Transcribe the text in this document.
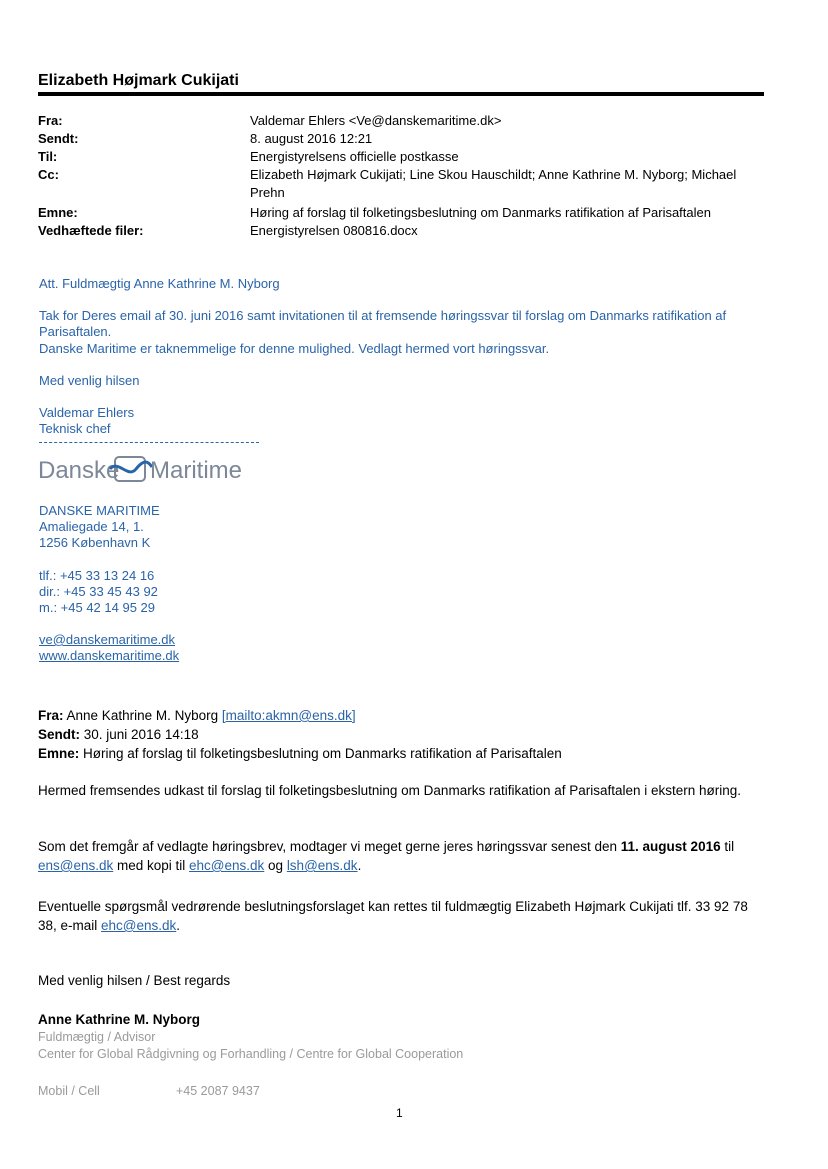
Elizabeth Højmark Cukijati
Fra:
Sendt:
Til:
Cc:
Emne:
Vedhæftede filer:
Valdemar Ehlers <Ve@danskemaritime.dk>
8. august 2016 12:21
Energistyrelsens officielle postkasse
Elizabeth Højmark Cukijati; Line Skou Hauschildt; Anne Kathrine M. Nyborg; Michael Prehn
Høring af forslag til folketingsbeslutning om Danmarks ratifikation af Parisaftalen
Energistyrelsen 080816.docx
Att. Fuldmægtig Anne Kathrine M. Nyborg
Tak for Deres email af 30. juni 2016 samt invitationen til at fremsende høringssvar til forslag om Danmarks ratifikation af Parisaftalen.
Danske Maritime er taknemmelige for denne mulighed. Vedlagt hermed vort høringssvar.
Med venlig hilsen
Valdemar Ehlers
Teknisk chef
Danske Maritime
DANSKE MARITIME
Amaliegade 14, 1.
1256 København K
tlf.: +45 33 13 24 16
dir.: +45 33 45 43 92
m.: +45 42 14 95 29
ve@danskemaritime.dk
www.danskemaritime.dk
Fra: Anne Kathrine M. Nyborg [mailto:akmn@ens.dk]
Sendt: 30. juni 2016 14:18
Emne: Høring af forslag til folketingsbeslutning om Danmarks ratifikation af Parisaftalen
Hermed fremsendes udkast til forslag til folketingsbeslutning om Danmarks ratifikation af Parisaftalen i ekstern høring.
Som det fremgår af vedlagte høringsbrev, modtager vi meget gerne jeres høringssvar senest den 11. august 2016 til
ens@ens.dk med kopi til ehc@ens.dk og lsh@ens.dk.
Eventuelle spørgsmål vedrørende beslutningsforslaget kan rettes til fuldmægtig Elizabeth Højmark Cukijati tlf. 33 92 78 38, e-mail ehc@ens.dk.
Med venlig hilsen / Best regards
Anne Kathrine M. Nyborg
Fuldmægtig / Advisor
Center for Global Rådgivning og Forhandling / Centre for Global Cooperation
Mobil / Cell	+45 2087 9437
1
